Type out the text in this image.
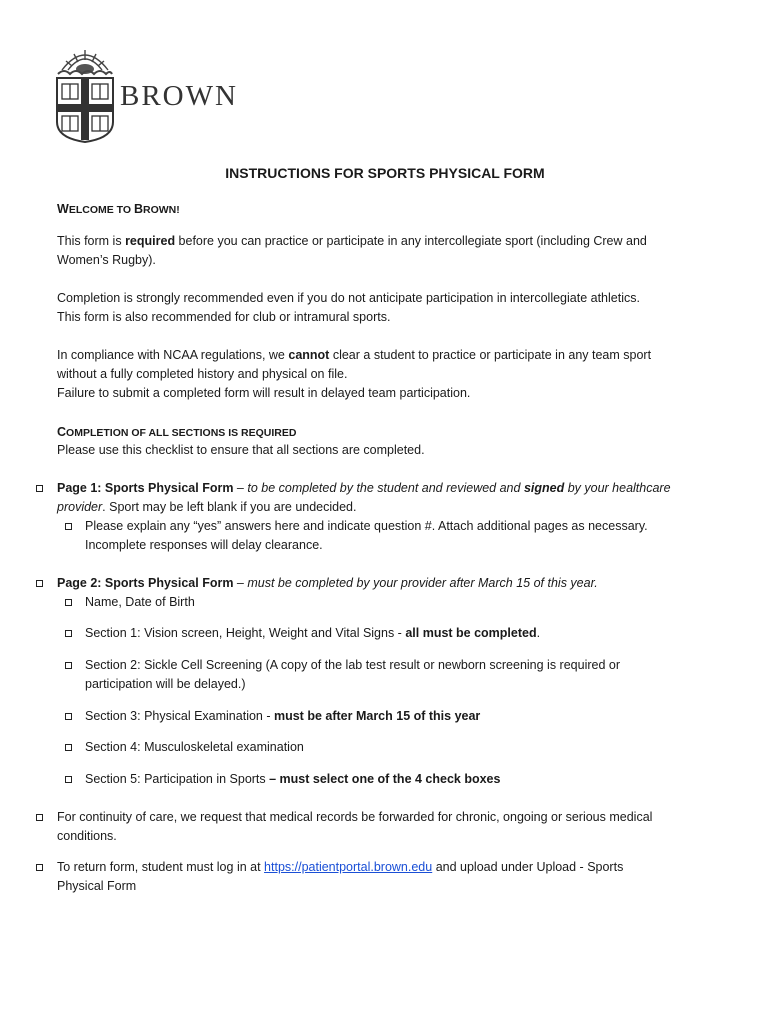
BROWN
INSTRUCTIONS FOR SPORTS PHYSICAL FORM
WELCOME TO BROWN!
This form is required before you can practice or participate in any intercollegiate sport (including Crew and
Women’s Rugby).
Completion is strongly recommended even if you do not anticipate participation in intercollegiate athletics.
This form is also recommended for club or intramural sports.
In compliance with NCAA regulations, we cannot clear a student to practice or participate in any team sport
without a fully completed history and physical on file.
Failure to submit a completed form will result in delayed team participation.
COMPLETION OF ALL SECTIONS IS REQUIRED
Please use this checklist to ensure that all sections are completed.
Page 1: Sports Physical Form – to be completed by the student and reviewed and signed by your healthcare
provider. Sport may be left blank if you are undecided.
Please explain any “yes” answers here and indicate question #. Attach additional pages as necessary.
Incomplete responses will delay clearance.
Page 2: Sports Physical Form – must be completed by your provider after March 15 of this year.
Name, Date of Birth
Section 1: Vision screen, Height, Weight and Vital Signs - all must be completed.
Section 2: Sickle Cell Screening (A copy of the lab test result or newborn screening is required or
participation will be delayed.)
Section 3: Physical Examination - must be after March 15 of this year
Section 4: Musculoskeletal examination
Section 5: Participation in Sports – must select one of the 4 check boxes
For continuity of care, we request that medical records be forwarded for chronic, ongoing or serious medical
conditions.
To return form, student must log in at https://patientportal.brown.edu and upload under Upload - Sports
Physical Form
